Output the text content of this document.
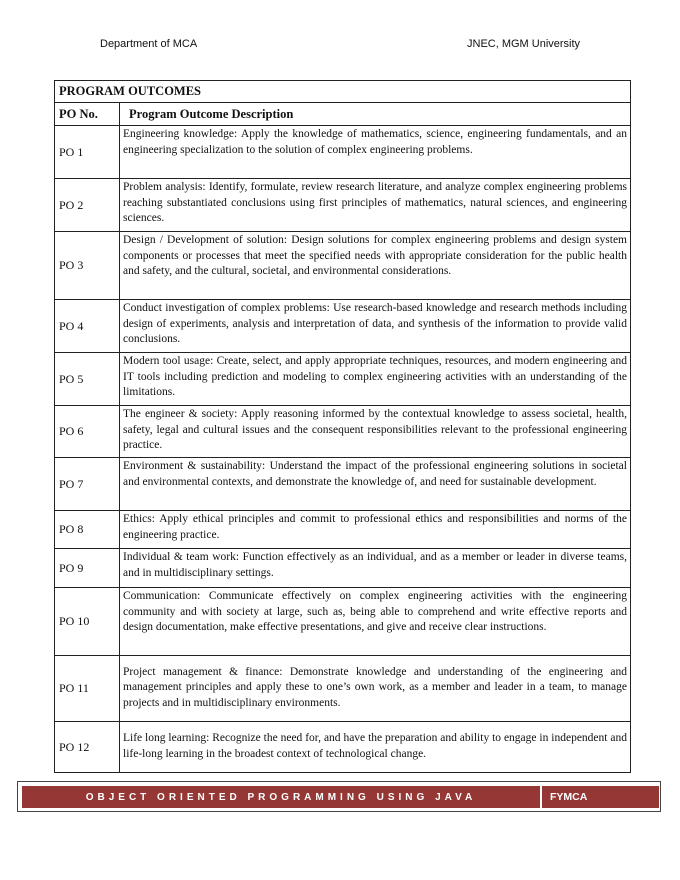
Department of MCA	JNEC, MGM University
PROGRAM OUTCOMES	
PO No.	Program Outcome Description
PO 1	Engineering knowledge: Apply the knowledge of mathematics, science, engineering fundamentals, and an engineering specialization to the solution of complex engineering problems.
PO 2	Problem analysis: Identify, formulate, review research literature, and analyze complex engineering problems reaching substantiated conclusions using first principles of mathematics, natural sciences, and engineering sciences.
PO 3	Design / Development of solution: Design solutions for complex engineering problems and design system components or processes that meet the specified needs with appropriate consideration for the public health and safety, and the cultural, societal, and environmental considerations.
PO 4	Conduct investigation of complex problems: Use research-based knowledge and research methods including design of experiments, analysis and interpretation of data, and synthesis of the information to provide valid conclusions.
PO 5	Modern tool usage: Create, select, and apply appropriate techniques, resources, and modern engineering and IT tools including prediction and modeling to complex engineering activities with an understanding of the limitations.
PO 6	The engineer & society: Apply reasoning informed by the contextual knowledge to assess societal, health, safety, legal and cultural issues and the consequent responsibilities relevant to the professional engineering practice.
PO 7	Environment & sustainability: Understand the impact of the professional engineering solutions in societal and environmental contexts, and demonstrate the knowledge of, and need for sustainable development.
PO 8	Ethics: Apply ethical principles and commit to professional ethics and responsibilities and norms of the engineering practice.
PO 9	Individual & team work: Function effectively as an individual, and as a member or leader in diverse teams, and in multidisciplinary settings.
PO 10	Communication: Communicate effectively on complex engineering activities with the engineering community and with society at large, such as, being able to comprehend and write effective reports and design documentation, make effective presentations, and give and receive clear instructions.
PO 11	Project management & finance: Demonstrate knowledge and understanding of the engineering and management principles and apply these to one’s own work, as a member and leader in a team, to manage projects and in multidisciplinary environments.
PO 12	Life long learning: Recognize the need for, and have the preparation and ability to engage in independent and life-long learning in the broadest context of technological change.
OBJECT ORIENTED PROGRAMMING USING JAVA	FYMCA
